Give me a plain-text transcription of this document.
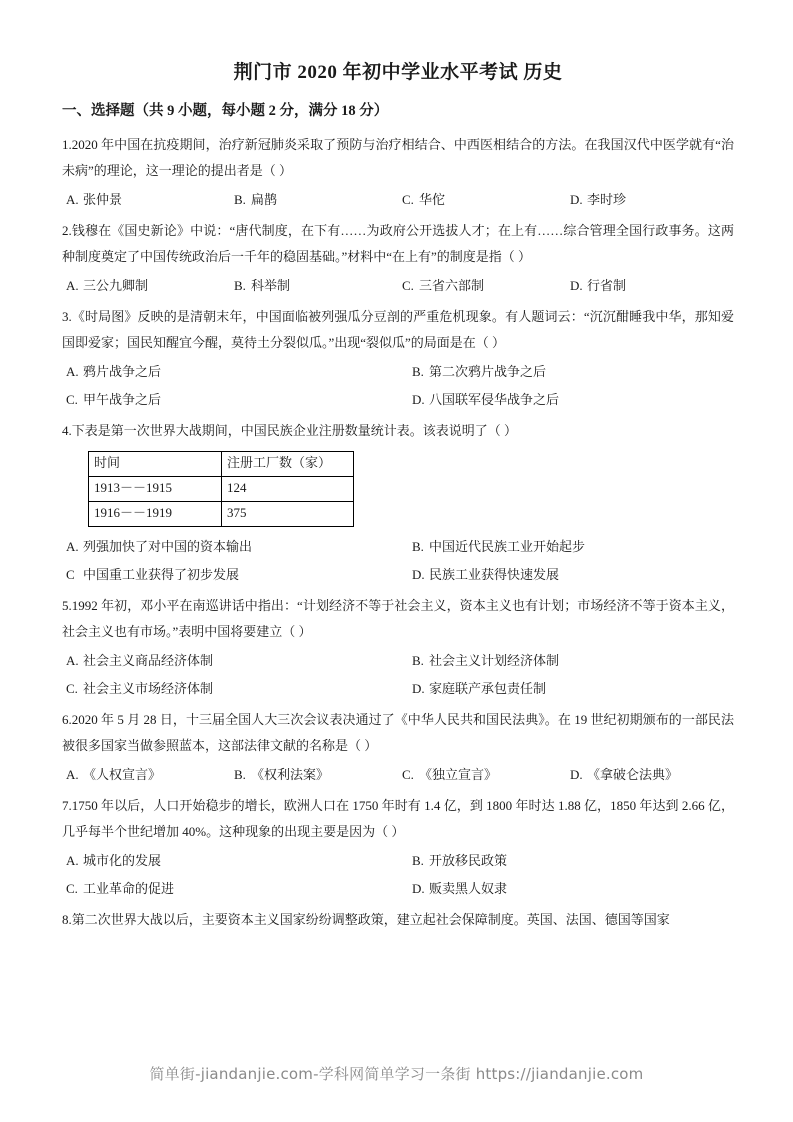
荆门市 2020 年初中学业水平考试 历史
一、选择题（共 9 小题，每小题 2 分，满分 18 分）

1.2020 年中国在抗疫期间，治疗新冠肺炎采取了预防与治疗相结合、中西医相结合的方法。在我国汉代中医学就有“治未病”的理论，这一理论的提出者是（ ）

A. 张仲景	B. 扁鹊	C. 华佗	D. 李时珍

2.钱穆在《国史新论》中说：“唐代制度，在下有……为政府公开选拔人才；在上有……综合管理全国行政事务。这两种制度奠定了中国传统政治后一千年的稳固基础。”材料中“在上有”的制度是指（ ）

A. 三公九卿制	B. 科举制	C. 三省六部制	D. 行省制

3.《时局图》反映的是清朝末年，中国面临被列强瓜分豆剖的严重危机现象。有人题词云：“沉沉酣睡我中华，那知爱国即爱家；国民知醒宜今醒，莫待土分裂似瓜。”出现“裂似瓜”的局面是在（ ）

A. 鸦片战争之后	B. 第二次鸦片战争之后
C. 甲午战争之后	D. 八国联军侵华战争之后

4.下表是第一次世界大战期间，中国民族企业注册数量统计表。该表说明了（ ）

时间	注册工厂数（家）
1913－－1915	124
1916－－1919	375
A. 列强加快了对中国的资本输出	B. 中国近代民族工业开始起步
C 中国重工业获得了初步发展	D. 民族工业获得快速发展

5.1992 年初，邓小平在南巡讲话中指出：“计划经济不等于社会主义，资本主义也有计划；市场经济不等于资本主义，社会主义也有市场。”表明中国将要建立（ ）

A. 社会主义商品经济体制	B. 社会主义计划经济体制
C. 社会主义市场经济体制	D. 家庭联产承包责任制

6.2020 年 5 月 28 日，十三届全国人大三次会议表决通过了《中华人民共和国民法典》。在 19 世纪初期颁布的一部民法被很多国家当做参照蓝本，这部法律文献的名称是（ ）

A. 《人权宣言》	B. 《权利法案》	C. 《独立宣言》	D. 《拿破仑法典》

7.1750 年以后，人口开始稳步的增长，欧洲人口在 1750 年时有 1.4 亿，到 1800 年时达 1.88 亿，1850 年达到 2.66 亿，几乎每半个世纪增加 40%。这种现象的出现主要是因为（ ）

A. 城市化的发展	B. 开放移民政策
C. 工业革命的促进	D. 贩卖黑人奴隶

8.第二次世界大战以后，主要资本主义国家纷纷调整政策，建立起社会保障制度。英国、法国、德国等国家

简单街-jiandanjie.com-学科网简单学习一条街 https://jiandanjie.com
